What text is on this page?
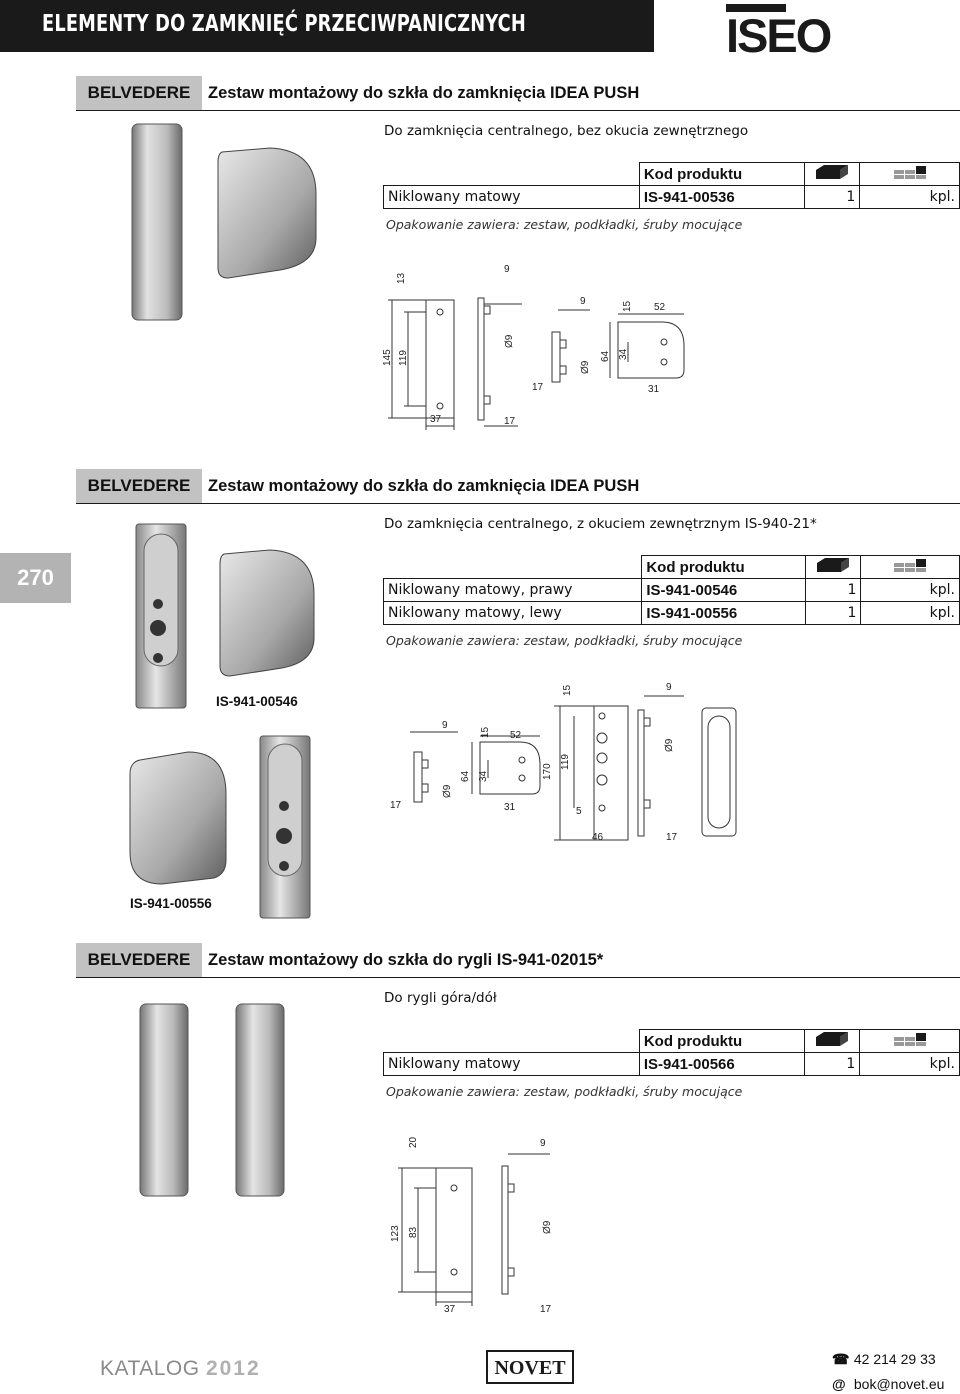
ELEMENTY DO ZAMKNIĘĆ PRZECIWPANICZNYCH	ISEO
270
BELVEDERE	Zestaw montażowy do szkła do zamknięcia IDEA PUSH
Do zamknięcia centralnego, bez okucia zewnętrznego
	Kod produktu		
Niklowany matowy	IS-941-00536	1	kpl.
Opakowanie zawiera: zestaw, podkładki, śruby mocujące
13
9
145 119
Ø9
37	17
9	15 52
Ø9
64 34
17	31
BELVEDERE	Zestaw montażowy do szkła do zamknięcia IDEA PUSH
Do zamknięcia centralnego, z okuciem zewnętrznym IS-940-21*
	Kod produktu		
Niklowany matowy, prawy	IS-941-00546	1	kpl.
Niklowany matowy, lewy	IS-941-00556	1	kpl.
Opakowanie zawiera: zestaw, podkładki, śruby mocujące
IS-941-00546
IS-941-00556
9
15 52
64 34
Ø9
17	31
15
170
119
5
46
9
Ø9
17
BELVEDERE	Zestaw montażowy do szkła do rygli IS-941-02015*
Do rygli góra/dół
	Kod produktu		
Niklowany matowy	IS-941-00566	1	kpl.
Opakowanie zawiera: zestaw, podkładki, śruby mocujące
20	9
123 83	Ø9
37	17
KATALOG 2012	NOVET	☎ 42 214 29 33
@ bok@novet.eu
